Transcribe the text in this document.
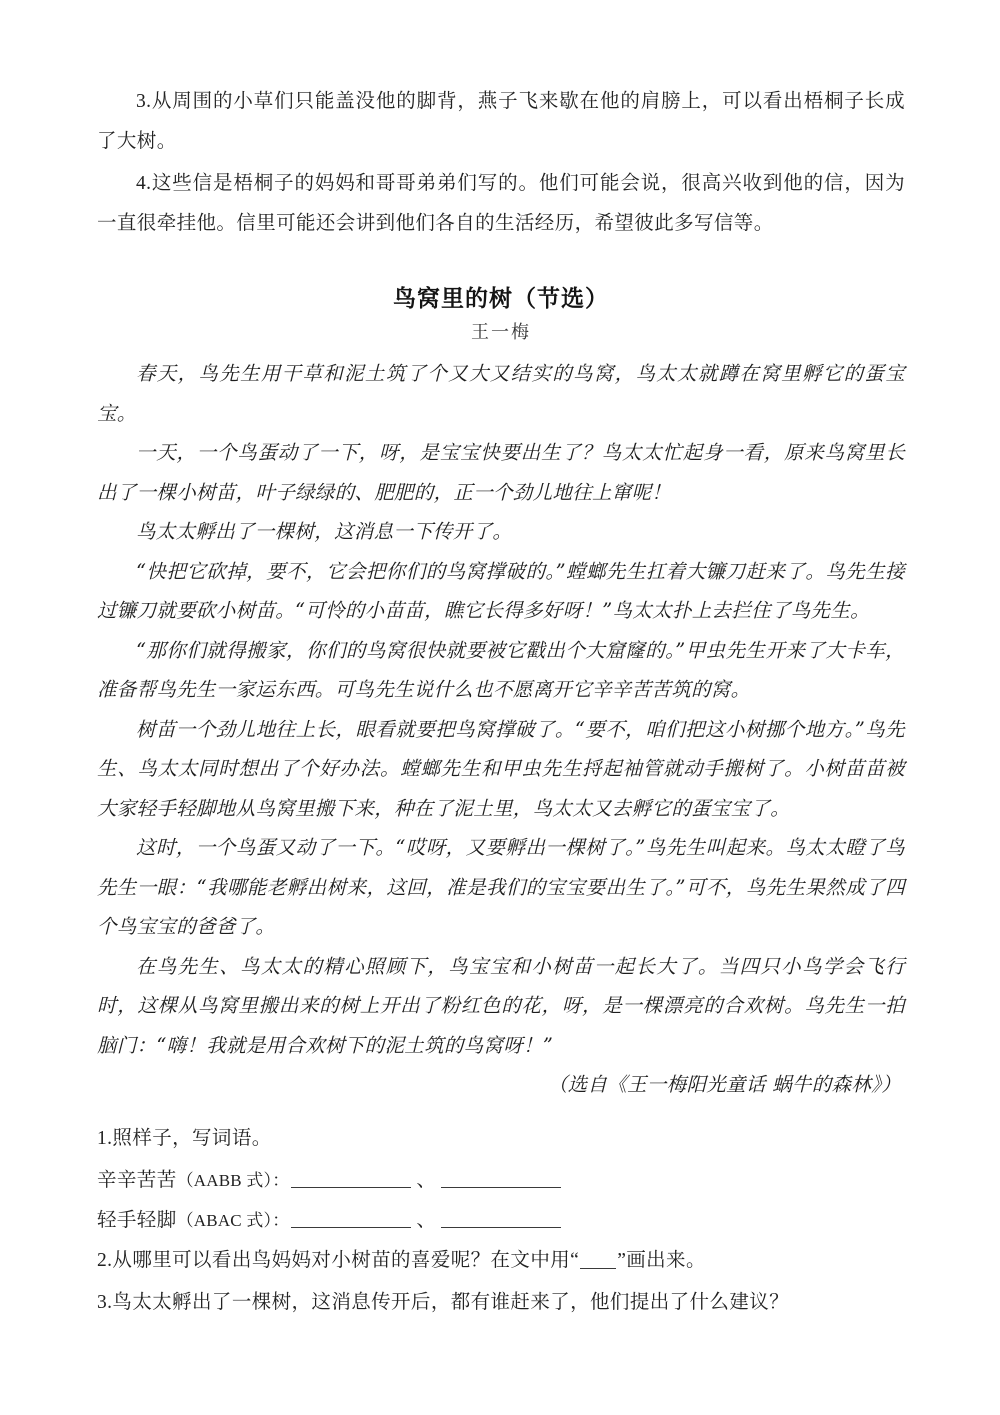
3.从周围的小草们只能盖没他的脚背，燕子飞来歇在他的肩膀上，可以看出梧桐子长成了大树。

4.这些信是梧桐子的妈妈和哥哥弟弟们写的。他们可能会说，很高兴收到他的信，因为一直很牵挂他。信里可能还会讲到他们各自的生活经历，希望彼此多写信等。

鸟窝里的树（节选）
王一梅

春天，鸟先生用干草和泥土筑了个又大又结实的鸟窝，鸟太太就蹲在窝里孵它的蛋宝宝。

一天，一个鸟蛋动了一下，呀，是宝宝快要出生了？鸟太太忙起身一看，原来鸟窝里长出了一棵小树苗，叶子绿绿的、肥肥的，正一个劲儿地往上窜呢！

鸟太太孵出了一棵树，这消息一下传开了。

“快把它砍掉，要不，它会把你们的鸟窝撑破的。”螳螂先生扛着大镰刀赶来了。鸟先生接过镰刀就要砍小树苗。“可怜的小苗苗，瞧它长得多好呀！”鸟太太扑上去拦住了鸟先生。

“那你们就得搬家，你们的鸟窝很快就要被它戳出个大窟窿的。”甲虫先生开来了大卡车，准备帮鸟先生一家运东西。可鸟先生说什么也不愿离开它辛辛苦苦筑的窝。

树苗一个劲儿地往上长，眼看就要把鸟窝撑破了。“要不，咱们把这小树挪个地方。”鸟先生、鸟太太同时想出了个好办法。螳螂先生和甲虫先生捋起袖管就动手搬树了。小树苗苗被大家轻手轻脚地从鸟窝里搬下来，种在了泥土里，鸟太太又去孵它的蛋宝宝了。

这时，一个鸟蛋又动了一下。“哎呀，又要孵出一棵树了。”鸟先生叫起来。鸟太太瞪了鸟先生一眼：“我哪能老孵出树来，这回，准是我们的宝宝要出生了。”可不，鸟先生果然成了四个鸟宝宝的爸爸了。

在鸟先生、鸟太太的精心照顾下，鸟宝宝和小树苗一起长大了。当四只小鸟学会飞行时，这棵从鸟窝里搬出来的树上开出了粉红色的花，呀，是一棵漂亮的合欢树。鸟先生一拍脑门：“嗨！我就是用合欢树下的泥土筑的鸟窝呀！”

（选自《王一梅阳光童话 蜗牛的森林》）

1.照样子，写词语。

辛辛苦苦（AABB 式）：	、
轻手轻脚（ABAC 式）：	、

2.从哪里可以看出鸟妈妈对小树苗的喜爱呢？在文中用“ ”画出来。

3.鸟太太孵出了一棵树，这消息传开后，都有谁赶来了，他们提出了什么建议？
